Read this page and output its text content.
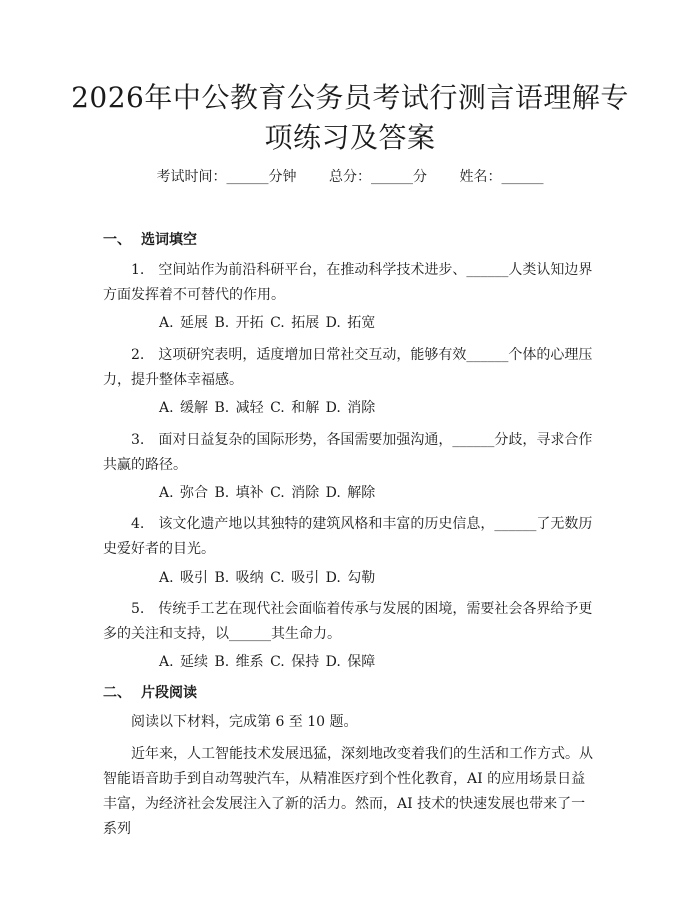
2026年中公教育公务员考试行测言语理解专
项练习及答案
考试时间：______分钟 总分：______分 姓名：______
一、 选词填空
1.　空间站作为前沿科研平台，在推动科学技术进步、______人类认知边界方面发挥着不可替代的作用。
A. 延展 B. 开拓 C. 拓展 D. 拓宽
2.　这项研究表明，适度增加日常社交互动，能够有效______个体的心理压力，提升整体幸福感。
A. 缓解 B. 减轻 C. 和解 D. 消除
3.　面对日益复杂的国际形势，各国需要加强沟通，______分歧，寻求合作共赢的路径。
A. 弥合 B. 填补 C. 消除 D. 解除
4.　该文化遗产地以其独特的建筑风格和丰富的历史信息，______了无数历史爱好者的目光。
A. 吸引 B. 吸纳 C. 吸引 D. 勾勒
5.　传统手工艺在现代社会面临着传承与发展的困境，需要社会各界给予更多的关注和支持，以______其生命力。
A. 延续 B. 维系 C. 保持 D. 保障
二、 片段阅读
阅读以下材料，完成第 6 至 10 题。
近年来，人工智能技术发展迅猛，深刻地改变着我们的生活和工作方式。从智能语音助手到自动驾驶汽车，从精准医疗到个性化教育，AI 的应用场景日益丰富，为经济社会发展注入了新的活力。然而，AI 技术的快速发展也带来了一系列
